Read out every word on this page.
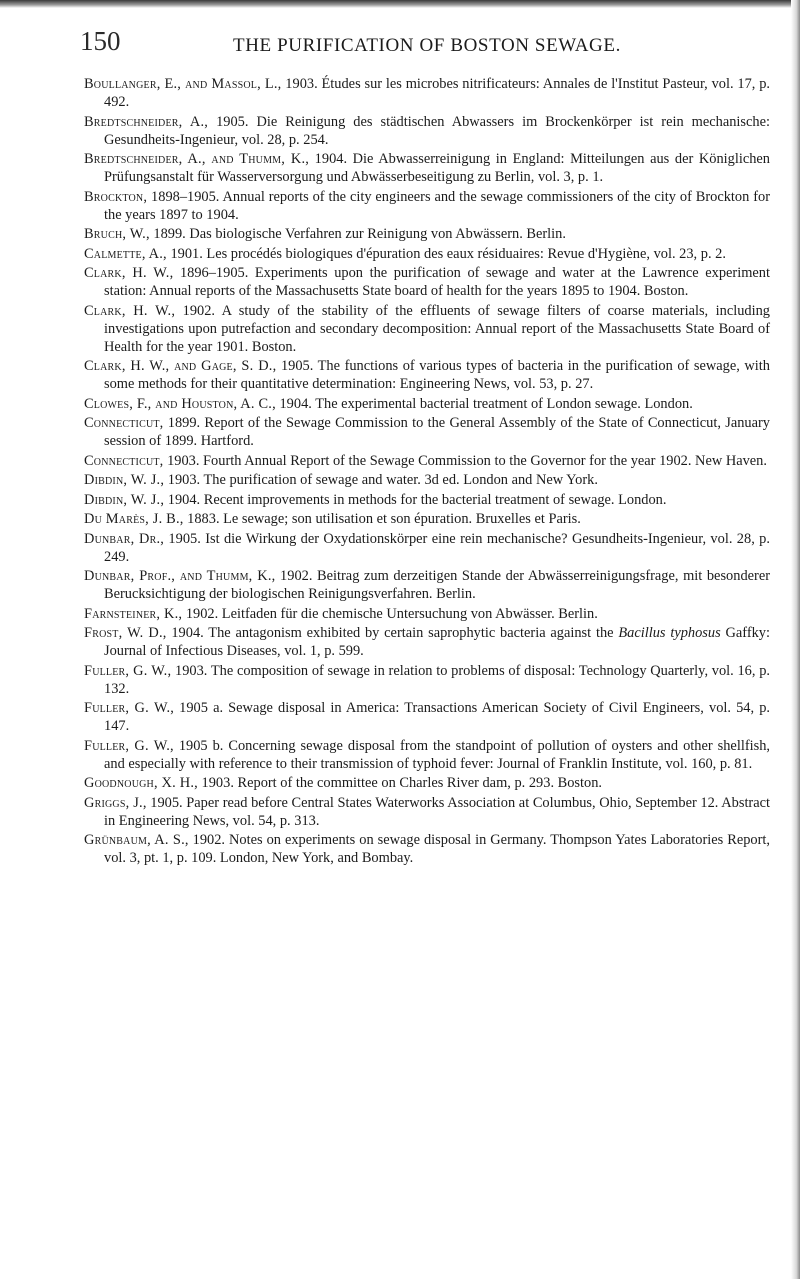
150	THE PURIFICATION OF BOSTON SEWAGE.

Boullanger, E., and Massol, L., 1903. Études sur les microbes nitrificateurs: Annales de l'Institut Pasteur, vol. 17, p. 492.

Bredtschneider, A., 1905. Die Reinigung des städtischen Abwassers im Brockenkörper ist rein mechanische: Gesundheits-Ingenieur, vol. 28, p. 254.

Bredtschneider, A., and Thumm, K., 1904. Die Abwasserreinigung in England: Mitteilungen aus der Königlichen Prüfungsanstalt für Wasserversorgung und Abwässerbeseitigung zu Berlin, vol. 3, p. 1.

Brockton, 1898–1905. Annual reports of the city engineers and the sewage commissioners of the city of Brockton for the years 1897 to 1904.

Bruch, W., 1899. Das biologische Verfahren zur Reinigung von Abwässern. Berlin.

Calmette, A., 1901. Les procédés biologiques d'épuration des eaux résiduaires: Revue d'Hygiène, vol. 23, p. 2.

Clark, H. W., 1896–1905. Experiments upon the purification of sewage and water at the Lawrence experiment station: Annual reports of the Massachusetts State board of health for the years 1895 to 1904. Boston.

Clark, H. W., 1902. A study of the stability of the effluents of sewage filters of coarse materials, including investigations upon putrefaction and secondary decomposition: Annual report of the Massachusetts State Board of Health for the year 1901. Boston.

Clark, H. W., and Gage, S. D., 1905. The functions of various types of bacteria in the purification of sewage, with some methods for their quantitative determination: Engineering News, vol. 53, p. 27.

Clowes, F., and Houston, A. C., 1904. The experimental bacterial treatment of London sewage. London.

Connecticut, 1899. Report of the Sewage Commission to the General Assembly of the State of Connecticut, January session of 1899. Hartford.

Connecticut, 1903. Fourth Annual Report of the Sewage Commission to the Governor for the year 1902. New Haven.

Dibdin, W. J., 1903. The purification of sewage and water. 3d ed. London and New York.

Dibdin, W. J., 1904. Recent improvements in methods for the bacterial treatment of sewage. London.

Du Marès, J. B., 1883. Le sewage; son utilisation et son épuration. Bruxelles et Paris.

Dunbar, Dr., 1905. Ist die Wirkung der Oxydationskörper eine rein mechanische? Gesundheits-Ingenieur, vol. 28, p. 249.

Dunbar, Prof., and Thumm, K., 1902. Beitrag zum derzeitigen Stande der Abwässerreinigungsfrage, mit besonderer Berucksichtigung der biologischen Reinigungsverfahren. Berlin.

Farnsteiner, K., 1902. Leitfaden für die chemische Untersuchung von Abwässer. Berlin.

Frost, W. D., 1904. The antagonism exhibited by certain saprophytic bacteria against the Bacillus typhosus Gaffky: Journal of Infectious Diseases, vol. 1, p. 599.

Fuller, G. W., 1903. The composition of sewage in relation to problems of disposal: Technology Quarterly, vol. 16, p. 132.

Fuller, G. W., 1905 a. Sewage disposal in America: Transactions American Society of Civil Engineers, vol. 54, p. 147.

Fuller, G. W., 1905 b. Concerning sewage disposal from the standpoint of pollution of oysters and other shellfish, and especially with reference to their transmission of typhoid fever: Journal of Franklin Institute, vol. 160, p. 81.

Goodnough, X. H., 1903. Report of the committee on Charles River dam, p. 293. Boston.

Griggs, J., 1905. Paper read before Central States Waterworks Association at Columbus, Ohio, September 12. Abstract in Engineering News, vol. 54, p. 313.

Grünbaum, A. S., 1902. Notes on experiments on sewage disposal in Germany. Thompson Yates Laboratories Report, vol. 3, pt. 1, p. 109. London, New York, and Bombay.
